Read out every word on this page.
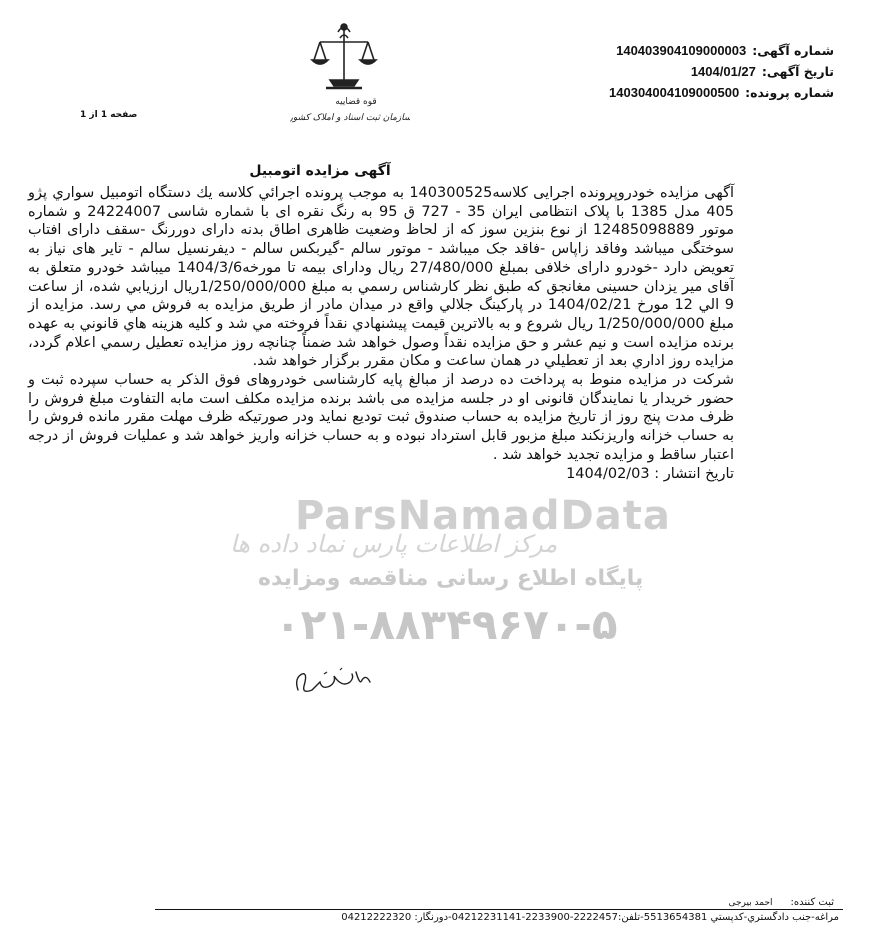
شماره آگهی:140403904109000003
تاریخ آگهی:1404/01/27
شماره پرونده:140304004109000500
قوه قضاییه
سازمان ثبت اسناد و املاک کشور
صفحه 1 از 1
آگهی مزایده اتومبیل
ParsNamadData
مرکز اطلاعات پارس نماد داده ها
پایگاه اطلاع رسانی مناقصه ومزایده
۰۲۱-۸۸۳۴۹۶۷۰-۵

آگهی مزایده خودروپرونده اجرایی کلاسه140300525 به موجب پرونده اجرائي كلاسه يك دستگاه اتومبيل سواري پژو 405 مدل 1385 با پلاک انتظامی ایران 35 - 727 ق 95 به رنگ نقره ای با شماره شاسی 24224007 و شماره موتور 12485098889 از نوع بنزین سوز که از لحاظ وضعیت ظاهری اطاق بدنه دارای دوررنگ -سقف دارای افتاب سوختگی میباشد وفاقد زاپاس -فاقد جک میباشد - موتور سالم -گیربکس سالم - دیفرنسیل سالم - تایر های نیاز به تعویض دارد -خودرو دارای خلافی بمبلغ 27/480/000 ریال ودارای بیمه تا مورخه1404/3/6 میباشد خودرو متعلق به آقای میر یزدان حسینی مغانجق که طبق نظر كارشناس رسمي به مبلغ 1/250/000/000ريال ارزيابي شده، از ساعت 9 الي 12 مورخ 1404/02/21 در پاركينگ جلالي واقع در ميدان مادر از طريق مزايده به فروش مي رسد. مزايده از مبلغ 1/250/000/000 ريال شروع و به بالاترين قيمت پيشنهادي نقداً فروخته مي شد و كليه هزينه هاي قانوني به عهده برنده مزايده است و نيم عشر و حق مزايده نقداً وصول خواهد شد ضمناً چنانچه روز مزايده تعطيل رسمي اعلام گردد، مزايده روز اداري بعد از تعطيلي در همان ساعت و مكان مقرر برگزار خواهد شد.

شرکت در مزایده منوط به پرداخت ده درصد از مبالغ پایه کارشناسی خودروهای فوق الذکر به حساب سپرده ثبت و حضور خریدار یا نمایندگان قانونی او در جلسه مزایده می باشد برنده مزایده مکلف است مابه التفاوت مبلغ فروش را ظرف مدت پنج روز از تاریخ مزایده به حساب صندوق ثبت تودیع نماید ودر صورتیکه ظرف مهلت مقرر مانده فروش را به حساب خزانه واریزنکند مبلغ مزبور قابل استرداد نبوده و به حساب خزانه واریز خواهد شد و عملیات فروش از درجه اعتبار ساقط و مزایده تجدید خواهد شد .

تاریخ انتشار : 1404/02/03

ثبت کننده:احمد بیرجی
مراغه-جنب دادگستري-كدپستي 5513654381-تلفن:2222457-2233900-04212231141-دورنگار: 04212222320
